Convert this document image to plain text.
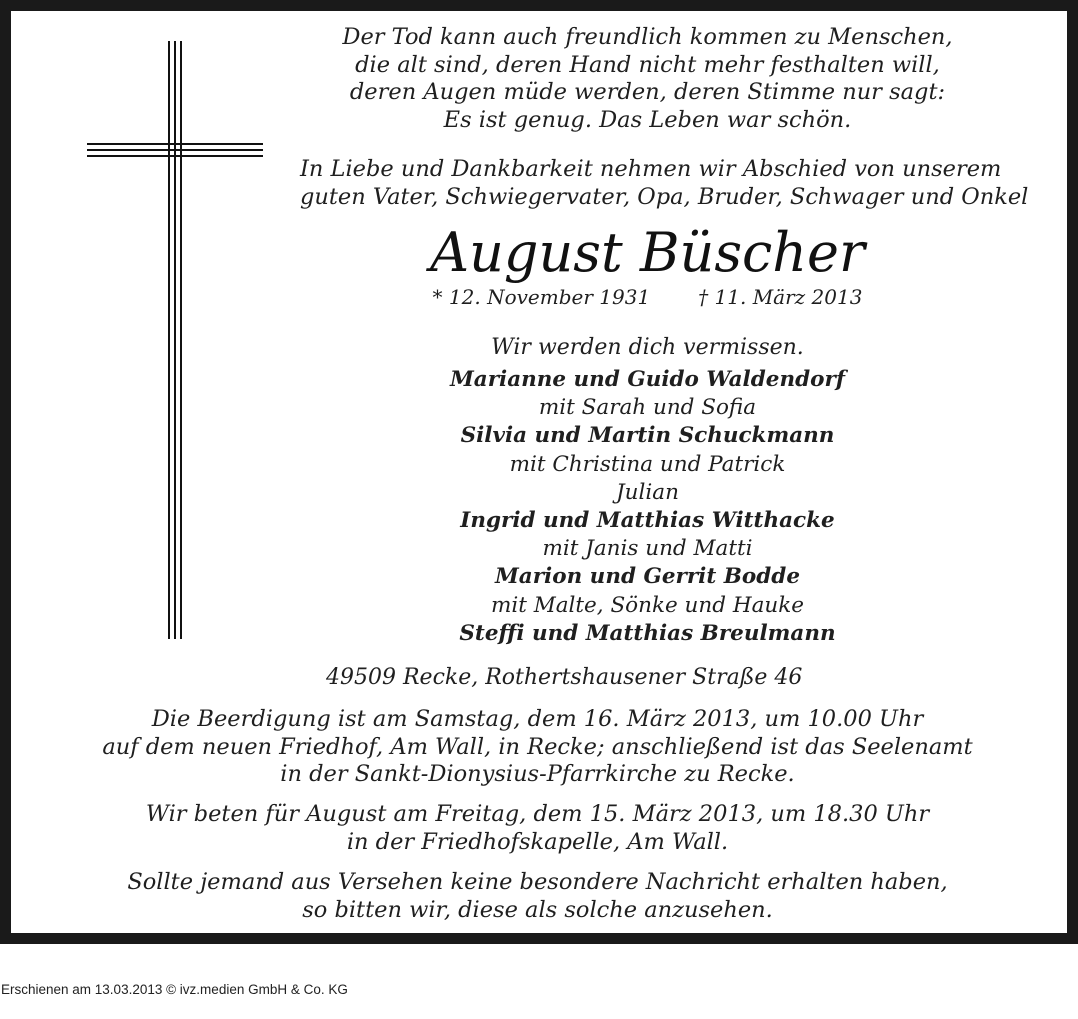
Der Tod kann auch freundlich kommen zu Menschen,
die alt sind, deren Hand nicht mehr festhalten will,
deren Augen müde werden, deren Stimme nur sagt:
Es ist genug. Das Leben war schön.
In Liebe und Dankbarkeit nehmen wir Abschied von unserem
guten Vater, Schwiegervater, Opa, Bruder, Schwager und Onkel
August Büscher
* 12. November 1931 † 11. März 2013
Wir werden dich vermissen.
Marianne und Guido Waldendorf
mit Sarah und Sofia
Silvia und Martin Schuckmann
mit Christina und Patrick
Julian
Ingrid und Matthias Witthacke
mit Janis und Matti
Marion und Gerrit Bodde
mit Malte, Sönke und Hauke
Steffi und Matthias Breulmann
49509 Recke, Rothertshausener Straße 46
Die Beerdigung ist am Samstag, dem 16. März 2013, um 10.00 Uhr
auf dem neuen Friedhof, Am Wall, in Recke; anschließend ist das Seelenamt
in der Sankt-Dionysius-Pfarrkirche zu Recke.
Wir beten für August am Freitag, dem 15. März 2013, um 18.30 Uhr
in der Friedhofskapelle, Am Wall.
Sollte jemand aus Versehen keine besondere Nachricht erhalten haben,
so bitten wir, diese als solche anzusehen.
Erschienen am 13.03.2013 © ivz.medien GmbH & Co. KG
